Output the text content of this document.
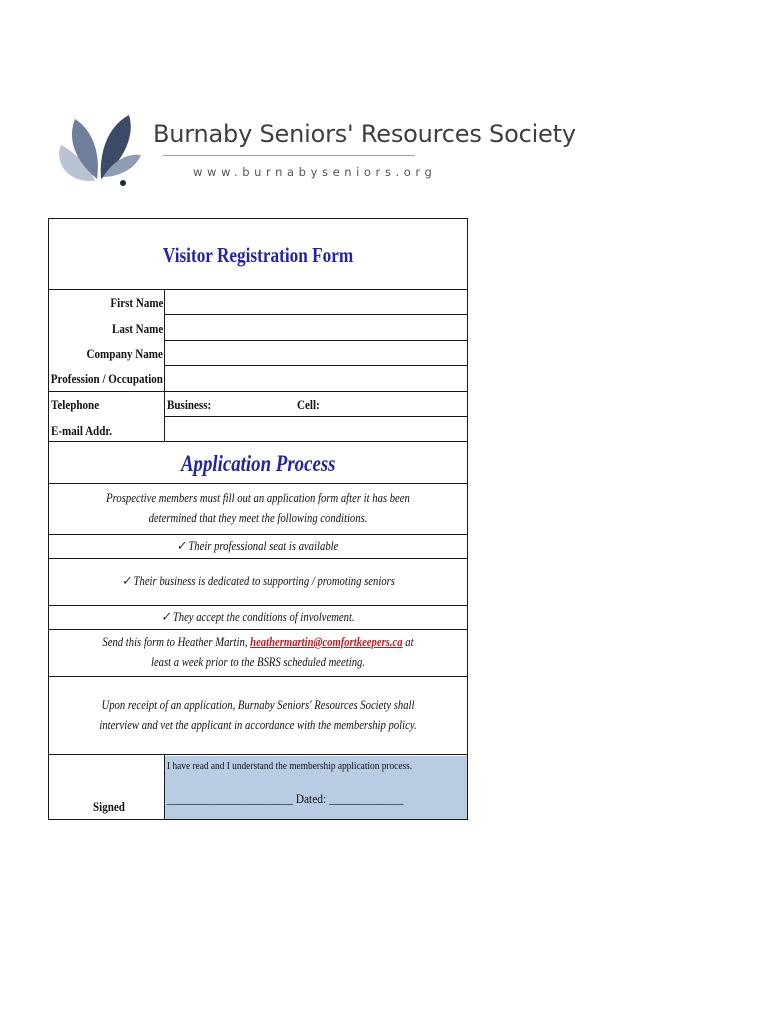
Burnaby Seniors' Resources Society
www.burnabyseniors.org
Visitor Registration Form
First Name
Last Name
Company Name
Profession / Occupation
Telephone	Business:	Cell:
E-mail Addr.
Application Process
Prospective members must fill out an application form after it has been determined that they meet the following conditions.
✓ Their professional seat is available
✓ Their business is dedicated to supporting / promoting seniors
✓ They accept the conditions of involvement.
Send this form to Heather Martin, heathermartin@comfortkeepers.ca at least a week prior to the BSRS scheduled meeting.
Upon receipt of an application, Burnaby Seniors' Resources Society shall interview and vet the applicant in accordance with the membership policy.
Signed
I have read and I understand the membership application process.
______________________ Dated: _____________
